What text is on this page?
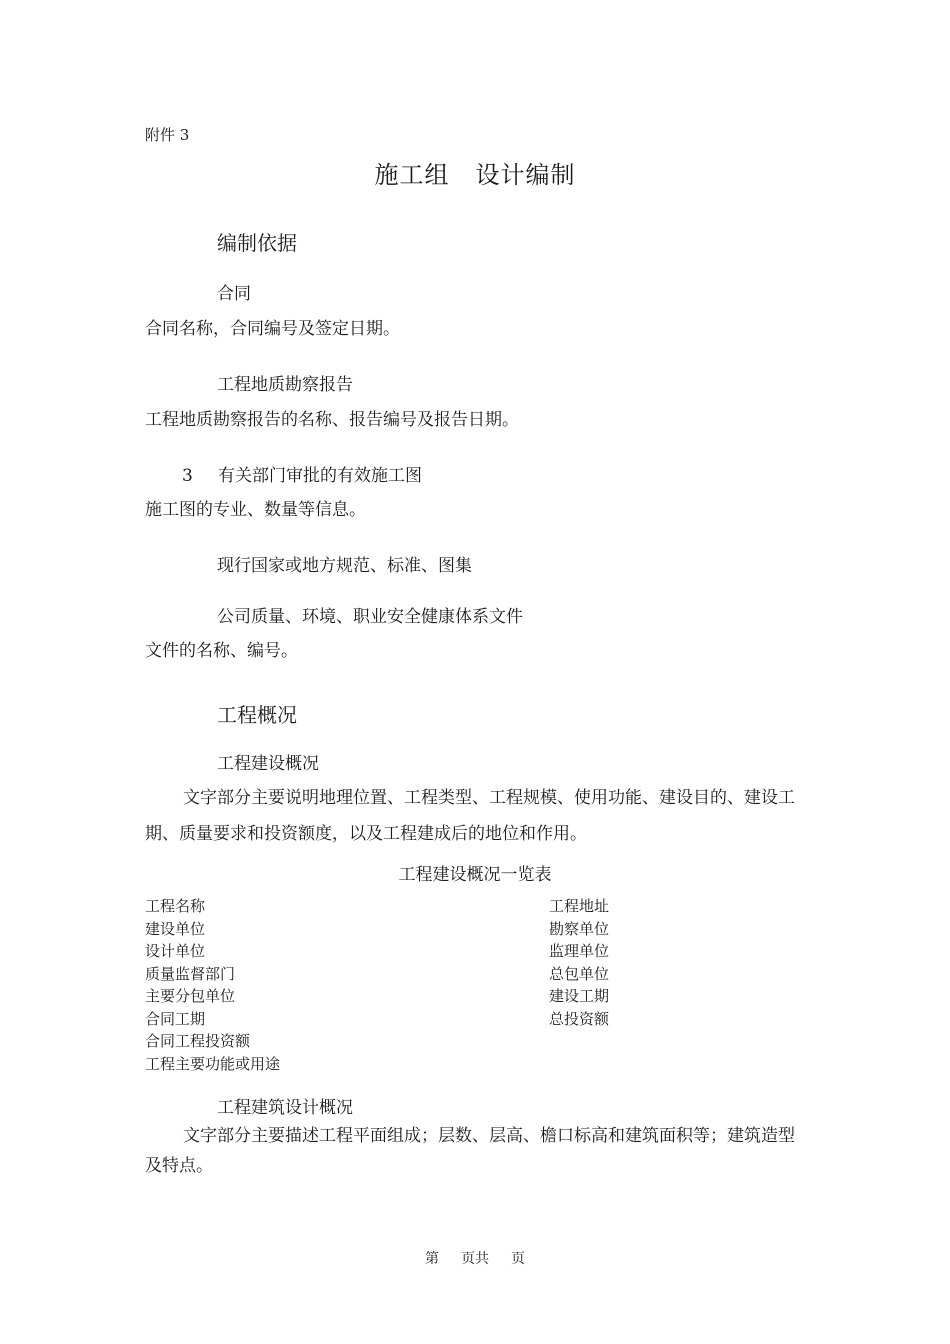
附件 3
施工组 设计编制
编制依据
合同
合同名称，合同编号及签定日期。
工程地质勘察报告
工程地质勘察报告的名称、报告编号及报告日期。
3 有关部门审批的有效施工图
施工图的专业、数量等信息。
现行国家或地方规范、标准、图集
公司质量、环境、职业安全健康体系文件
文件的名称、编号。
工程概况
工程建设概况
文字部分主要说明地理位置、工程类型、工程规模、使用功能、建设目的、建设工期、质量要求和投资额度，以及工程建成后的地位和作用。
工程建设概况一览表
工程名称
建设单位
设计单位
质量监督部门
主要分包单位
合同工期
合同工程投资额
工程主要功能或用途
工程地址
勘察单位
监理单位
总包单位
建设工期
总投资额
工程建筑设计概况
文字部分主要描述工程平面组成；层数、层高、檐口标高和建筑面积等；建筑造型及特点。
第 页共 页
